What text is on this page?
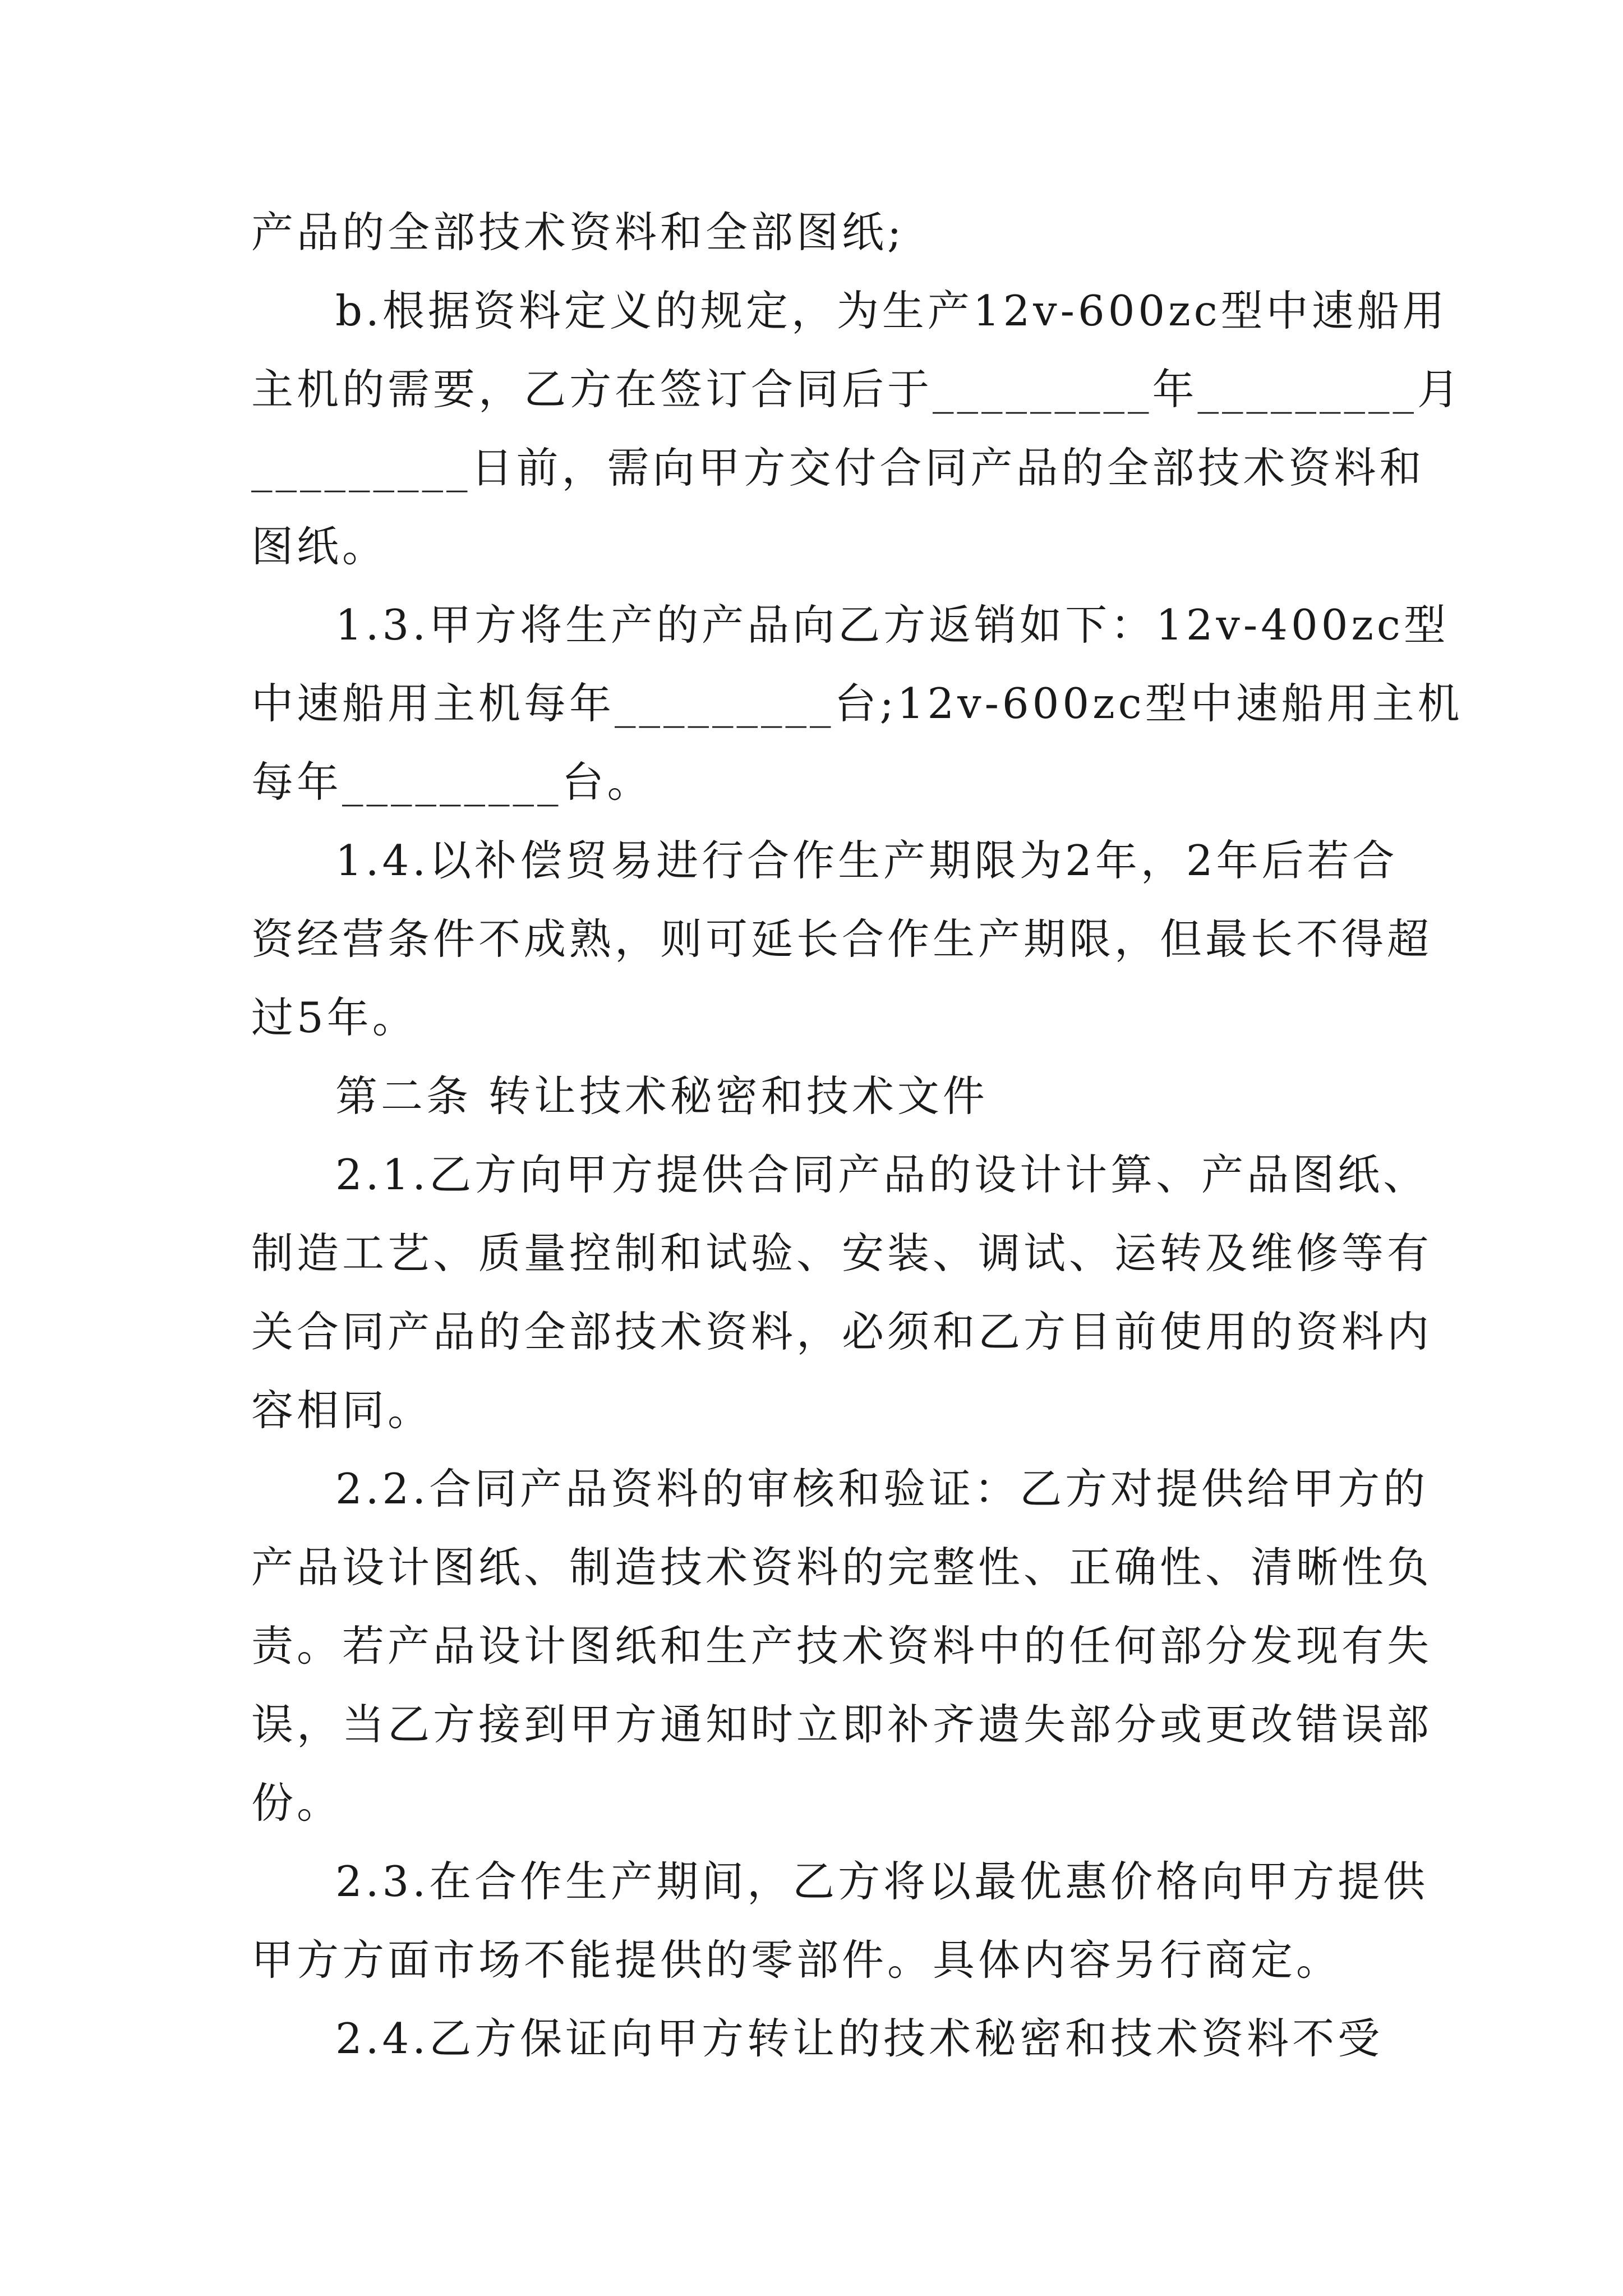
产品的全部技术资料和全部图纸;
b.根据资料定义的规定，为生产12v-600zc型中速船用
主机的需要，乙方在签订合同后于_________年_________月
_________日前，需向甲方交付合同产品的全部技术资料和
图纸。
1.3.甲方将生产的产品向乙方返销如下：12v-400zc型
中速船用主机每年_________台;12v-600zc型中速船用主机
每年_________台。
1.4.以补偿贸易进行合作生产期限为2年，2年后若合
资经营条件不成熟，则可延长合作生产期限，但最长不得超
过5年。
第二条 转让技术秘密和技术文件
2.1.乙方向甲方提供合同产品的设计计算、产品图纸、
制造工艺、质量控制和试验、安装、调试、运转及维修等有
关合同产品的全部技术资料，必须和乙方目前使用的资料内
容相同。
2.2.合同产品资料的审核和验证：乙方对提供给甲方的
产品设计图纸、制造技术资料的完整性、正确性、清晰性负
责。若产品设计图纸和生产技术资料中的任何部分发现有失
误，当乙方接到甲方通知时立即补齐遗失部分或更改错误部
份。
2.3.在合作生产期间，乙方将以最优惠价格向甲方提供
甲方方面市场不能提供的零部件。具体内容另行商定。
2.4.乙方保证向甲方转让的技术秘密和技术资料不受
